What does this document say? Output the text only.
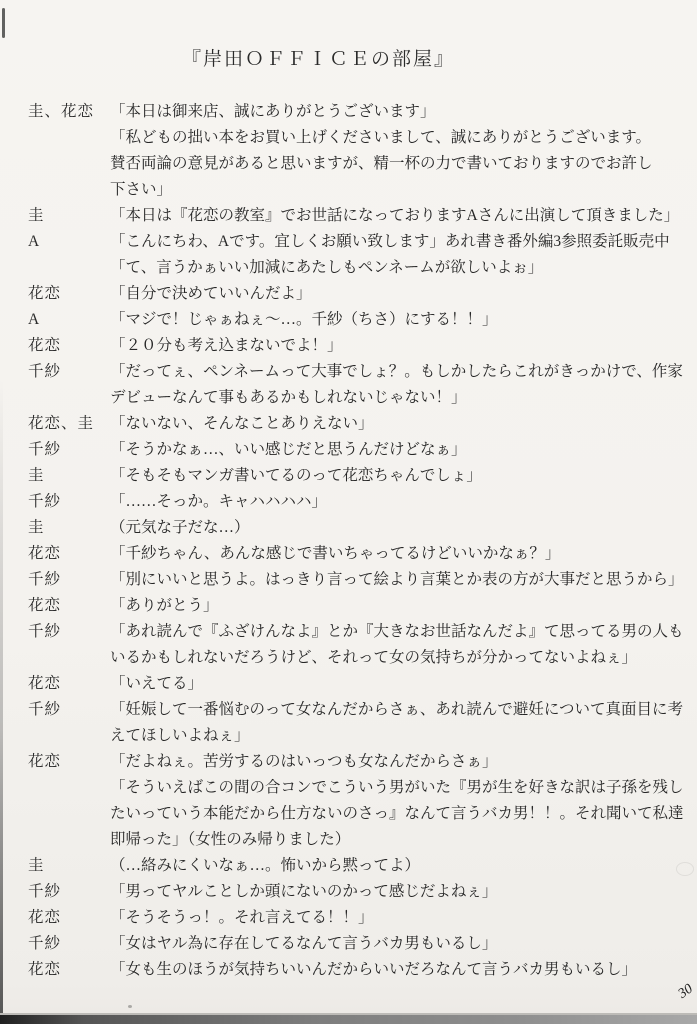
『岸田ＯＦＦＩＣＥの部屋』
圭、花恋	「本日は御来店、誠にありがとうございます」
「私どもの拙い本をお買い上げくださいまして、誠にありがとうございます。
賛否両論の意見があると思いますが、精一杯の力で書いておりますのでお許し
下さい」
圭	「本日は『花恋の教室』でお世話になっておりますAさんに出演して頂きました」
A	「こんにちわ、Aです。宜しくお願い致します」あれ書き番外編3参照委託販売中
「て、言うかぁいい加減にあたしもペンネームが欲しいよぉ」
花恋	「自分で決めていいんだよ」
A	「マジで！じゃぁねぇ～…。千紗（ちさ）にする！！」
花恋	「２０分も考え込まないでよ！」
千紗	「だってぇ、ペンネームって大事でしょ？。もしかしたらこれがきっかけで、作家
デビューなんて事もあるかもしれないじゃない！」
花恋、圭	「ないない、そんなことありえない」
千紗	「そうかなぁ…、いい感じだと思うんだけどなぁ」
圭	「そもそもマンガ書いてるのって花恋ちゃんでしょ」
千紗	「……そっか。キャハハハハ」
圭	（元気な子だな…）
花恋	「千紗ちゃん、あんな感じで書いちゃってるけどいいかなぁ？」
千紗	「別にいいと思うよ。はっきり言って絵より言葉とか表の方が大事だと思うから」
花恋	「ありがとう」
千紗	「あれ読んで『ふざけんなよ』とか『大きなお世話なんだよ』て思ってる男の人も
いるかもしれないだろうけど、それって女の気持ちが分かってないよねぇ」
花恋	「いえてる」
千紗	「妊娠して一番悩むのって女なんだからさぁ、あれ読んで避妊について真面目に考
えてほしいよねぇ」
花恋	「だよねぇ。苦労するのはいっつも女なんだからさぁ」
「そういえばこの間の合コンでこういう男がいた『男が生を好きな訳は子孫を残し
たいっていう本能だから仕方ないのさっ』なんて言うバカ男！！。それ聞いて私達
即帰った」（女性のみ帰りました）
圭	（…絡みにくいなぁ…。怖いから黙ってよ）
千紗	「男ってヤルことしか頭にないのかって感じだよねぇ」
花恋	「そうそうっ！。それ言えてる！！」
千紗	「女はヤル為に存在してるなんて言うバカ男もいるし」
花恋	「女も生のほうが気持ちいいんだからいいだろなんて言うバカ男もいるし」
30
